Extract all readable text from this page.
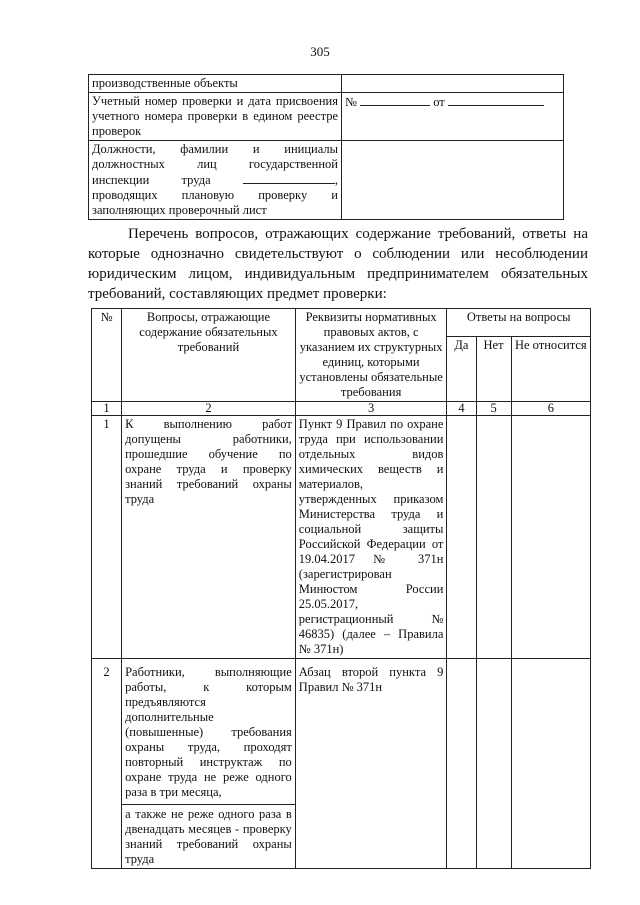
305
производственные объекты	
Учетный номер проверки и дата присвоения учетного номера проверки в едином реестре проверок	№ от
Должности, фамилии и инициалы должностных лиц государственной инспекции труда , проводящих плановую проверку и заполняющих проверочный лист	

Перечень вопросов, отражающих содержание требований, ответы на которые однозначно свидетельствуют о соблюдении или несоблюдении юридическим лицом, индивидуальным предпринимателем обязательных требований, составляющих предмет проверки:

№	Вопросы, отражающие содержание обязательных требований	Реквизиты нормативных правовых актов, с указанием их структурных единиц, которыми установлены обязательные требования	Ответы на вопросы		
			Да	Нет	Не относится
1	2	3	4	5	6
1	К выполнению работ допущены работники, прошедшие обучение по охране труда и проверку знаний требований охраны труда	Пункт 9 Правил по охране труда при использовании отдельных видов химических веществ и материалов, утвержденных приказом Министерства труда и социальной защиты Российской Федерации от 19.04.2017 № 371н (зарегистрирован Минюстом России 25.05.2017, регистрационный № 46835) (далее – Правила № 371н)			
2	Работники, выполняющие работы, к которым предъявляются дополнительные (повышенные) требования охраны труда, проходят повторный инструктаж по охране труда не реже одного раза в три месяца,
а также не реже одного раза в двенадцать месяцев - проверку знаний требований охраны труда	Абзац второй пункта 9 Правил № 371н			
